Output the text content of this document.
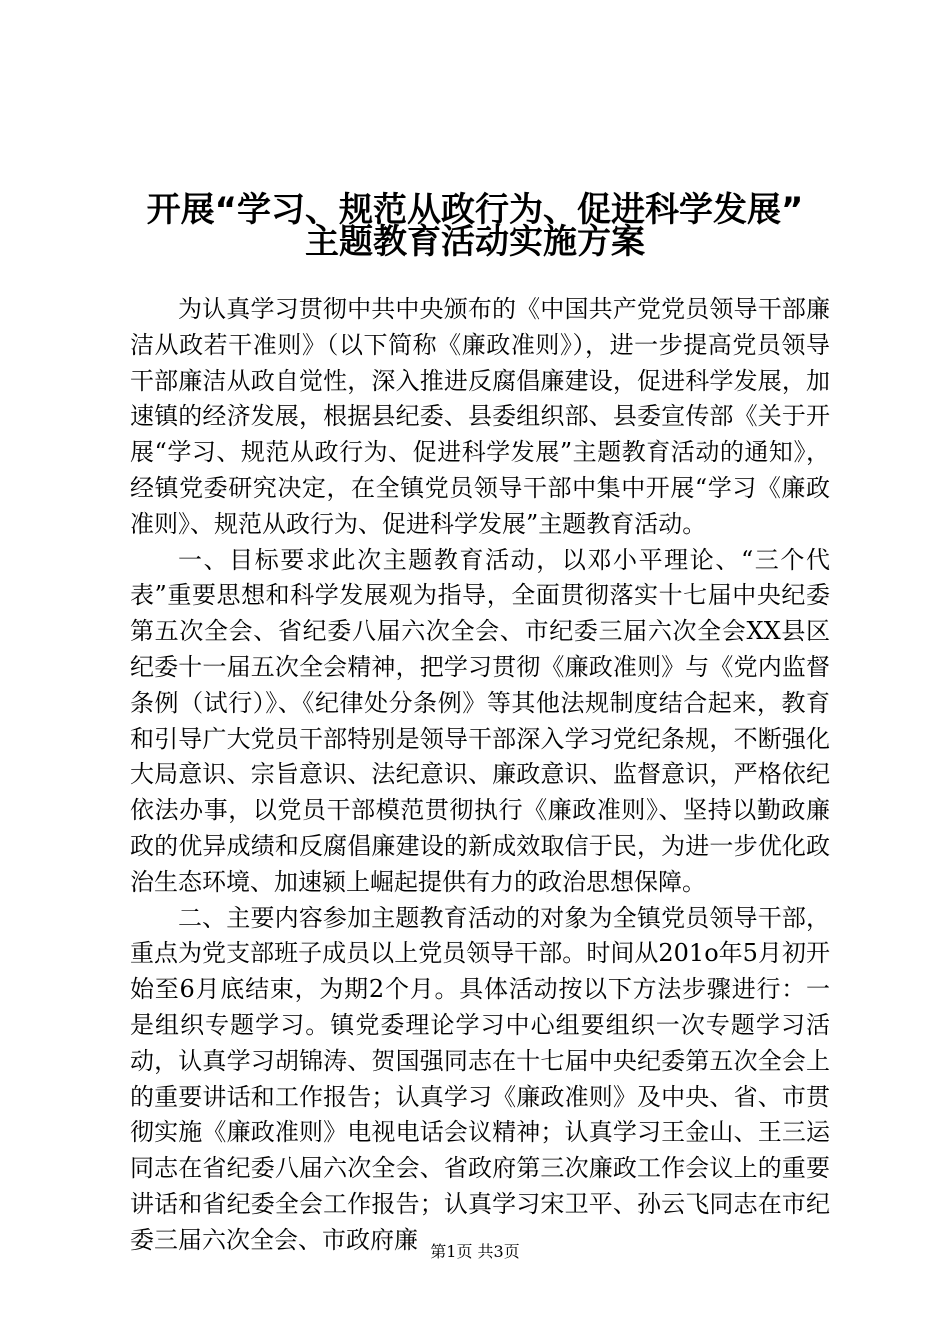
开展“学习、规范从政行为、促进科学发展”
主题教育活动实施方案

为认真学习贯彻中共中央颁布的《中国共产党党员领导干部廉洁从政若干准则》（以下简称《廉政准则》），进一步提高党员领导干部廉洁从政自觉性，深入推进反腐倡廉建设，促进科学发展，加速镇的经济发展，根据县纪委、县委组织部、县委宣传部《关于开展“学习、规范从政行为、促进科学发展”主题教育活动的通知》，经镇党委研究决定，在全镇党员领导干部中集中开展“学习《廉政准则》、规范从政行为、促进科学发展”主题教育活动。

一、目标要求此次主题教育活动，以邓小平理论、“三个代表”重要思想和科学发展观为指导，全面贯彻落实十七届中央纪委第五次全会、省纪委八届六次全会、市纪委三届六次全会XX县区纪委十一届五次全会精神，把学习贯彻《廉政准则》与《党内监督条例（试行）》、《纪律处分条例》等其他法规制度结合起来，教育和引导广大党员干部特别是领导干部深入学习党纪条规，不断强化大局意识、宗旨意识、法纪意识、廉政意识、监督意识，严格依纪依法办事，以党员干部模范贯彻执行《廉政准则》、坚持以勤政廉政的优异成绩和反腐倡廉建设的新成效取信于民，为进一步优化政治生态环境、加速颍上崛起提供有力的政治思想保障。

二、主要内容参加主题教育活动的对象为全镇党员领导干部，重点为党支部班子成员以上党员领导干部。时间从201o年5月初开始至6月底结束，为期2个月。具体活动按以下方法步骤进行：一是组织专题学习。镇党委理论学习中心组要组织一次专题学习活动，认真学习胡锦涛、贺国强同志在十七届中央纪委第五次全会上的重要讲话和工作报告；认真学习《廉政准则》及中央、省、市贯彻实施《廉政准则》电视电话会议精神；认真学习王金山、王三运同志在省纪委八届六次全会、省政府第三次廉政工作会议上的重要讲话和省纪委全会工作报告；认真学习宋卫平、孙云飞同志在市纪委三届六次全会、市政府廉 第1页 共3页
